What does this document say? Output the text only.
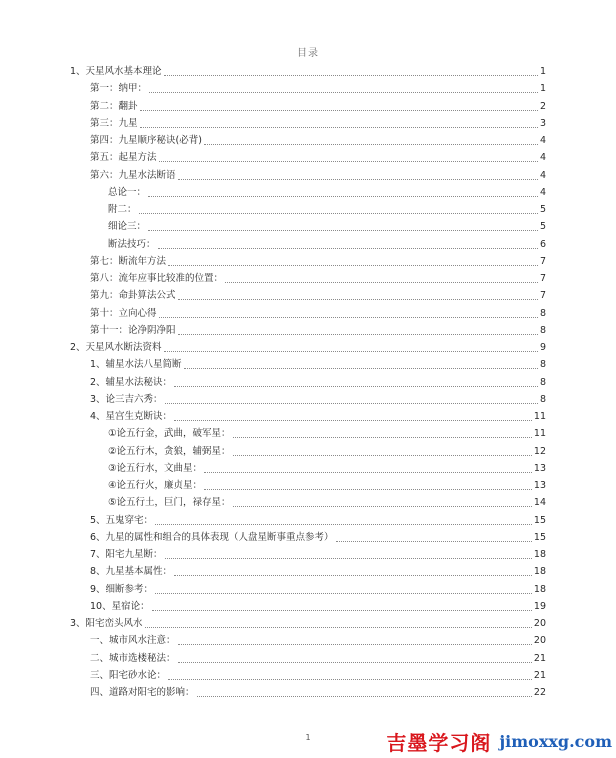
目录
1、天星风水基本理论	1
第一：纳甲：	1
第二：翻卦	2
第三：九星	3
第四：九星顺序秘诀(必背)	4
第五：起星方法	4
第六：九星水法断语	4
总论一：	4
附二：	5
细论三：	5
断法技巧：	6
第七：断流年方法	7
第八：流年应事比较准的位置：	7
第九：命卦算法公式	7
第十：立向心得	8
第十一：论净阴净阳	8
2、天星风水断法资料	9
1、辅星水法八星简断	8
2、辅星水法秘诀：	8
3、论三吉六秀：	8
4、星宫生克断诀：	11
①论五行金，武曲，破军星：	11
②论五行木，贪狼，辅弼星：	12
③论五行水，文曲星：	13
④论五行火，廉贞星：	13
⑤论五行土，巨门，禄存星：	14
5、五鬼穿宅：	15
6、九星的属性和组合的具体表现（人盘星断事重点参考）	15
7、阳宅九星断：	18
8、九星基本属性：	18
9、细断参考：	18
10、星宿论：	19
3、阳宅峦头风水	20
一、城市风水注意：	20
二、城市选楼秘法：	21
三、阳宅砂水论：	21
四、道路对阳宅的影响：	22
1	吉墨学习阁 jimoxxg.com
